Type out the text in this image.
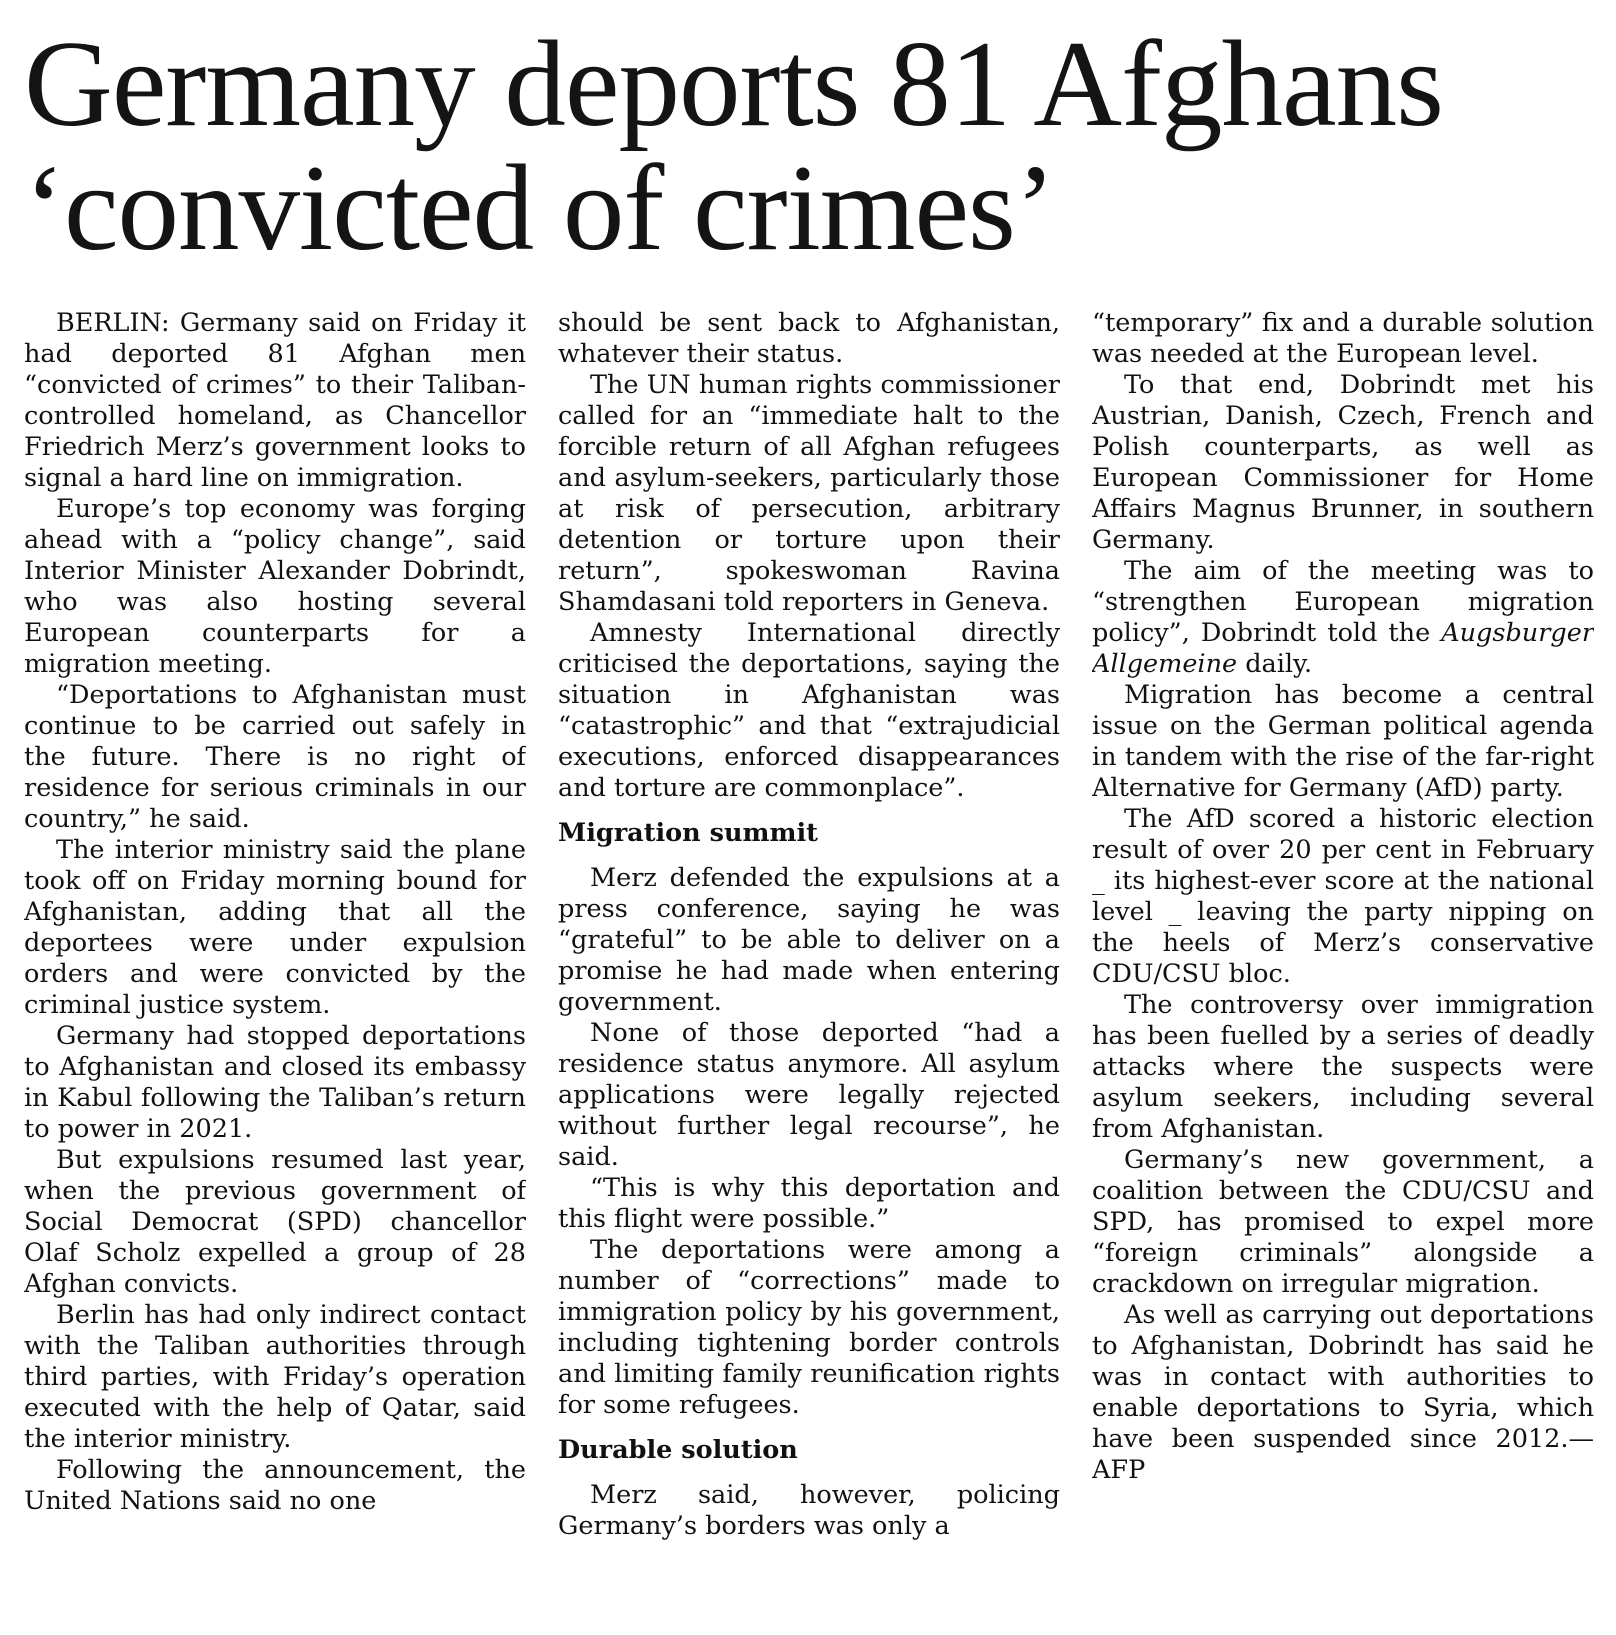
Germany deports 81 Afghans
‘convicted of crimes’

BERLIN: Germany said on Friday it had deported 81 Afghan men “convicted of crimes” to their Taliban-controlled homeland, as Chancellor Friedrich Merz’s government looks to signal a hard line on immigration.

Europe’s top economy was forging ahead with a “policy change”, said Interior Minister Alexander Dobrindt, who was also hosting several European counterparts for a migration meeting.

“Deportations to Afghanistan must continue to be carried out safely in the future. There is no right of residence for serious criminals in our country,” he said.

The interior ministry said the plane took off on Friday morning bound for Afghanistan, adding that all the deportees were under expulsion orders and were convicted by the criminal justice system.

Germany had stopped deportations to Afghanistan and closed its embassy in Kabul following the Taliban’s return to power in 2021.

But expulsions resumed last year, when the previous government of Social Democrat (SPD) chancellor Olaf Scholz expelled a group of 28 Afghan convicts.

Berlin has had only indirect contact with the Taliban authorities through third parties, with Friday’s operation executed with the help of Qatar, said the interior ministry.

Following the announcement, the United Nations said no one

should be sent back to Afghanistan, whatever their status.

The UN human rights commissioner called for an “immediate halt to the forcible return of all Afghan refugees and asylum-seekers, particularly those at risk of persecution, arbitrary detention or torture upon their return”, spokeswoman Ravina Shamdasani told reporters in Geneva.

Amnesty International directly criticised the deportations, saying the situation in Afghanistan was “catastrophic” and that “extrajudicial executions, enforced disappearances and torture are commonplace”.

Migration summit

Merz defended the expulsions at a press conference, saying he was “grateful” to be able to deliver on a promise he had made when entering government.

None of those deported “had a residence status anymore. All asylum applications were legally rejected without further legal recourse”, he said.

“This is why this deportation and this flight were possible.”

The deportations were among a number of “corrections” made to immigration policy by his government, including tightening border controls and limiting family reunification rights for some refugees.

Durable solution

Merz said, however, policing Germany’s borders was only a

“temporary” fix and a durable solution was needed at the European level.

To that end, Dobrindt met his Austrian, Danish, Czech, French and Polish counterparts, as well as European Commissioner for Home Affairs Magnus Brunner, in southern Germany.

The aim of the meeting was to “strengthen European migration policy”, Dobrindt told the Augsburger Allgemeine daily.

Migration has become a central issue on the German political agenda in tandem with the rise of the far-right Alternative for Germany (AfD) party.

The AfD scored a historic election result of over 20 per cent in February _ its highest-ever score at the national level _ leaving the party nipping on the heels of Merz’s conservative CDU/CSU bloc.

The controversy over immigration has been fuelled by a series of deadly attacks where the suspects were asylum seekers, including several from Afghanistan.

Germany’s new government, a coalition between the CDU/CSU and SPD, has promised to expel more “foreign criminals” alongside a crackdown on irregular migration.

As well as carrying out deportations to Afghanistan, Dobrindt has said he was in contact with authorities to enable deportations to Syria, which have been suspended since 2012.—AFP
